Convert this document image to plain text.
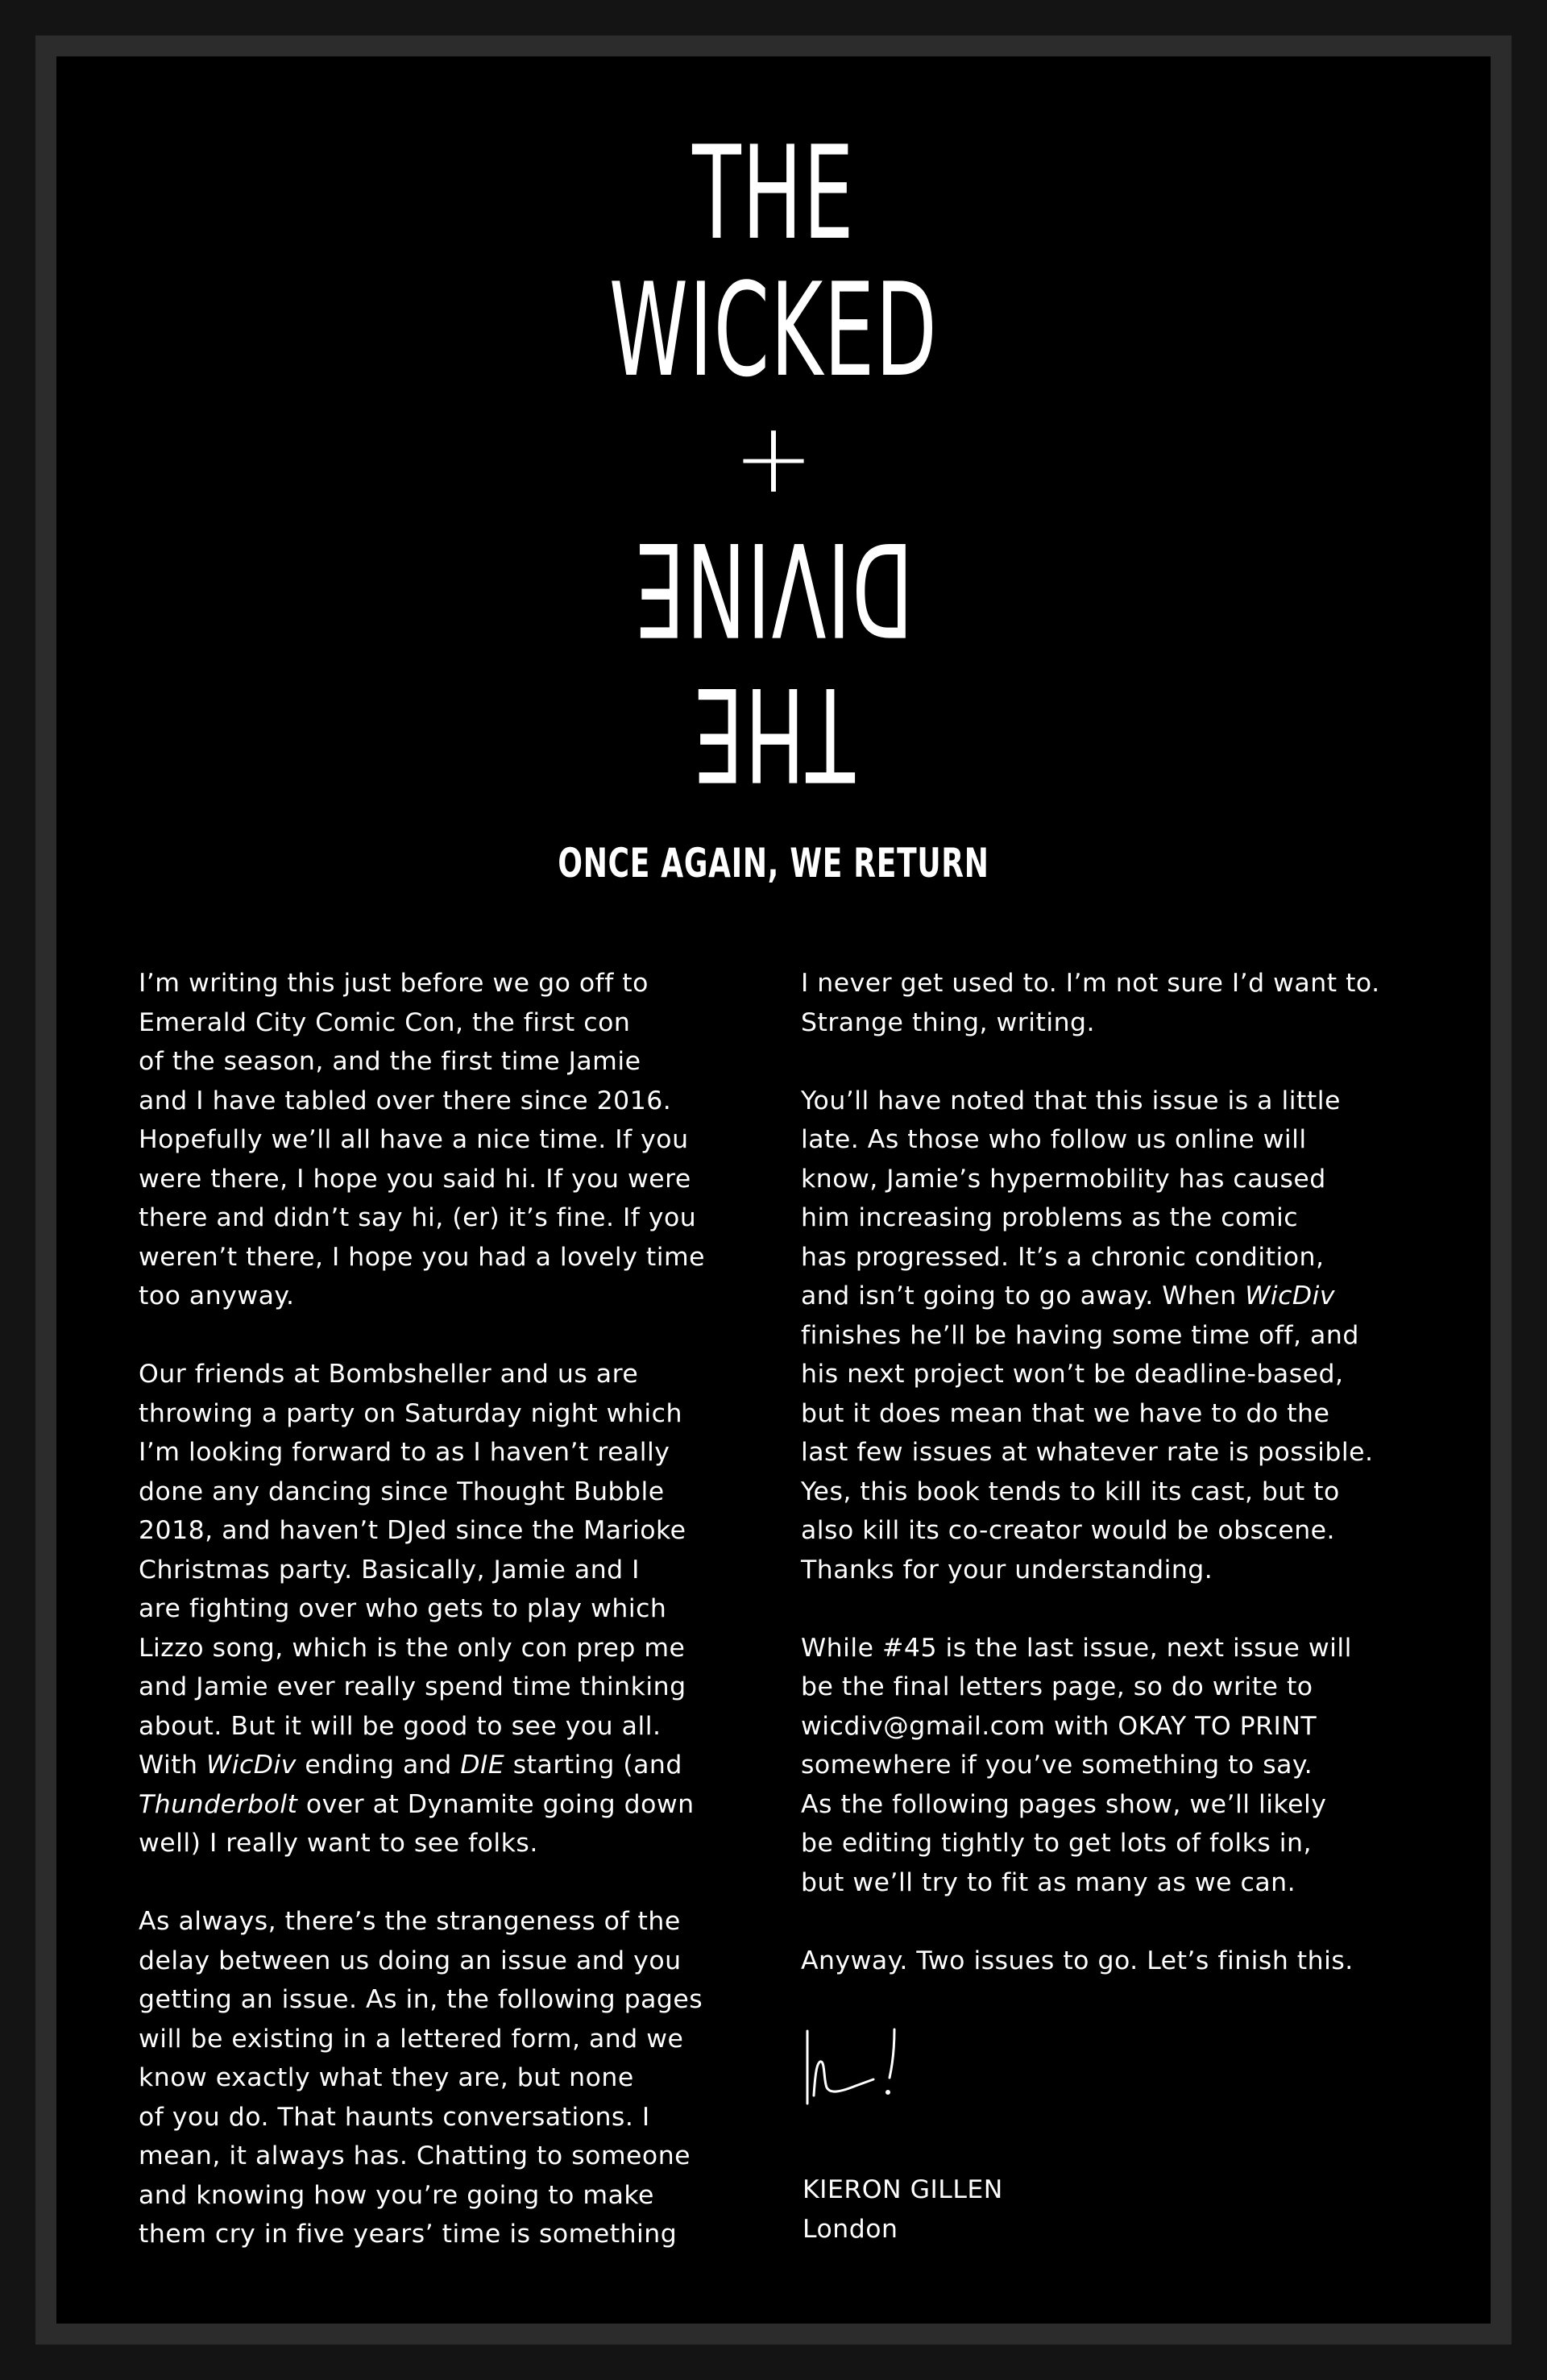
THE
WICKED
+
DIVINE
THE
ONCE AGAIN, WE RETURN
I’m writing this just before we go off to
Emerald City Comic Con, the first con
of the season, and the first time Jamie
and I have tabled over there since 2016.
Hopefully we’ll all have a nice time. If you
were there, I hope you said hi. If you were
there and didn’t say hi, (er) it’s fine. If you
weren’t there, I hope you had a lovely time
too anyway.
Our friends at Bombsheller and us are
throwing a party on Saturday night which
I’m looking forward to as I haven’t really
done any dancing since Thought Bubble
2018, and haven’t DJed since the Marioke
Christmas party. Basically, Jamie and I
are fighting over who gets to play which
Lizzo song, which is the only con prep me
and Jamie ever really spend time thinking
about. But it will be good to see you all.
With WicDiv ending and DIE starting (and
Thunderbolt over at Dynamite going down
well) I really want to see folks.
As always, there’s the strangeness of the
delay between us doing an issue and you
getting an issue. As in, the following pages
will be existing in a lettered form, and we
know exactly what they are, but none
of you do. That haunts conversations. I
mean, it always has. Chatting to someone
and knowing how you’re going to make
them cry in five years’ time is something
I never get used to. I’m not sure I’d want to.
Strange thing, writing.
You’ll have noted that this issue is a little
late. As those who follow us online will
know, Jamie’s hypermobility has caused
him increasing problems as the comic
has progressed. It’s a chronic condition,
and isn’t going to go away. When WicDiv
finishes he’ll be having some time off, and
his next project won’t be deadline-based,
but it does mean that we have to do the
last few issues at whatever rate is possible.
Yes, this book tends to kill its cast, but to
also kill its co-creator would be obscene.
Thanks for your understanding.
While #45 is the last issue, next issue will
be the final letters page, so do write to
wicdiv@gmail.com with OKAY TO PRINT
somewhere if you’ve something to say.
As the following pages show, we’ll likely
be editing tightly to get lots of folks in,
but we’ll try to fit as many as we can.
Anyway. Two issues to go. Let’s finish this.
KIERON GILLEN
London
